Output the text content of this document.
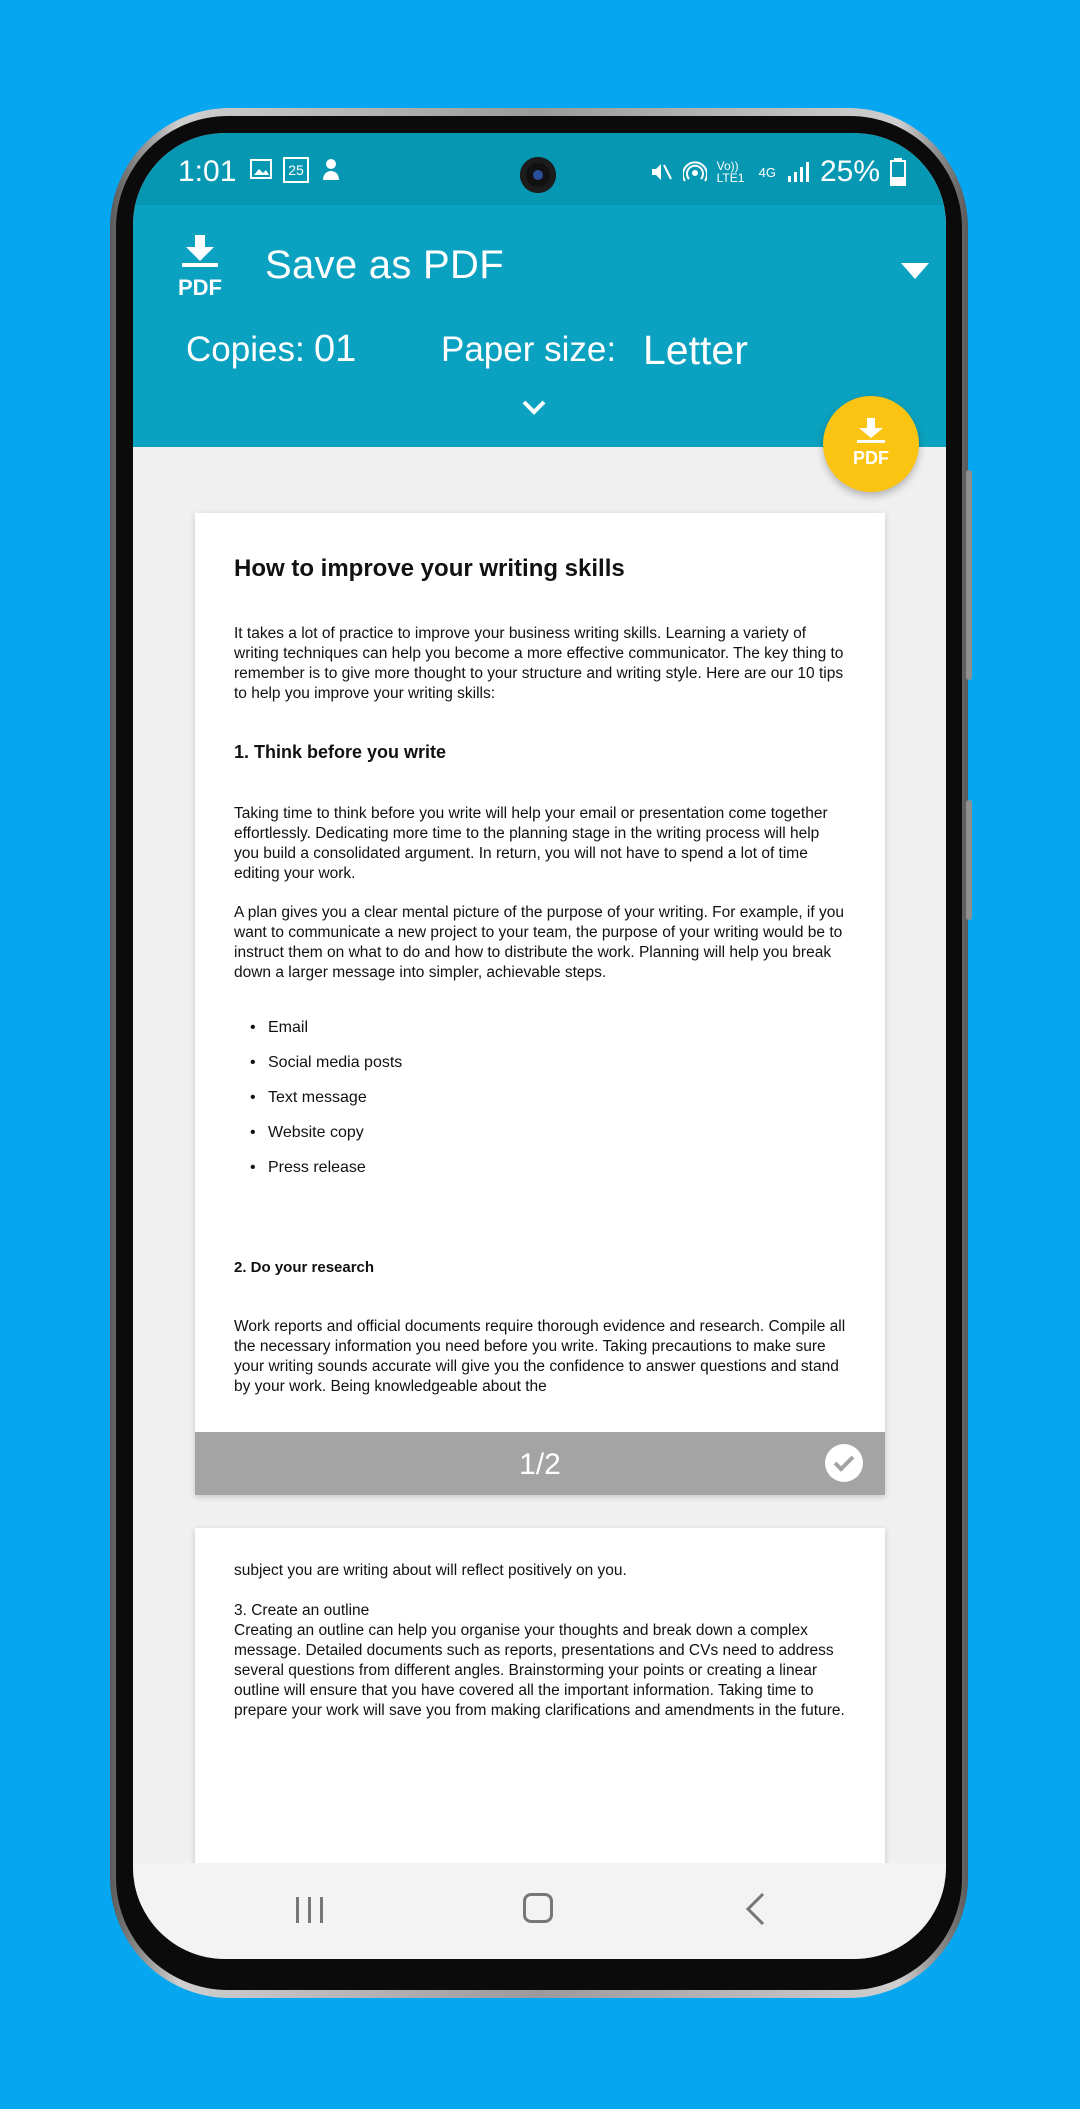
1:01	25	Vo)) LTE1	4G 25%
PDF
Save as PDF
Copies: 01 Paper size: Letter
How to improve your writing skills

It takes a lot of practice to improve your business writing skills. Learning a variety of writing techniques can help you become a more effective communicator. The key thing to remember is to give more thought to your structure and writing style. Here are our 10 tips to help you improve your writing skills:

1. Think before you write

Taking time to think before you write will help your email or presentation come together effortlessly. Dedicating more time to the planning stage in the writing process will help you build a consolidated argument. In return, you will not have to spend a lot of time editing your work.

A plan gives you a clear mental picture of the purpose of your writing. For example, if you want to communicate a new project to your team, the purpose of your writing would be to instruct them on what to do and how to distribute the work. Planning will help you break down a larger message into simpler, achievable steps.

• Email
• Social media posts
• Text message
• Website copy
• Press release
2. Do your research

Work reports and official documents require thorough evidence and research. Compile all the necessary information you need before you write. Taking precautions to make sure your writing sounds accurate will give you the confidence to answer questions and stand by your work. Being knowledgeable about the

1/2

subject you are writing about will reflect positively on you.

3. Create an outline

Creating an outline can help you organise your thoughts and break down a complex message. Detailed documents such as reports, presentations and CVs need to address several questions from different angles. Brainstorming your points or creating a linear outline will ensure that you have covered all the important information. Taking time to prepare your work will save you from making clarifications and amendments in the future.

PDF
